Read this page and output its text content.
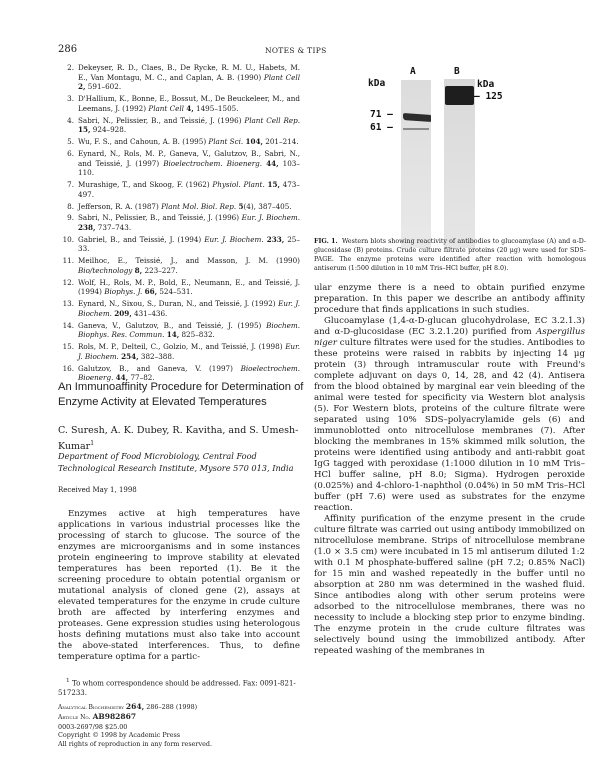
286	NOTES & TIPS
2. Dekeyser, R. D., Claes, B., De Rycke, R. M. U., Habets, M. E., Van Montagu, M. C., and Caplan, A. B. (1990) Plant Cell 2, 591–602.
3. D'Hallium, K., Bonne, E., Bossut, M., De Beuckeleer, M., and Leemans, J. (1992) Plant Cell 4, 1495–1505.
4. Sabri, N., Pelissier, B., and Teissié, J. (1996) Plant Cell Rep. 15, 924–928.
5. Wu, F. S., and Cahoun, A. B. (1995) Plant Sci. 104, 201–214.
6. Eynard, N., Rols, M. P., Ganeva, V., Galutzov, B., Sabri, N., and Teissié, J. (1997) Bioelectrochem. Bioenerg. 44, 103–110.
7. Murashige, T., and Skoog, F. (1962) Physiol. Plant. 15, 473–497.
8. Jefferson, R. A. (1987) Plant Mol. Biol. Rep. 5(4), 387–405.
9. Sabri, N., Pelissier, B., and Teissié, J. (1996) Eur. J. Biochem. 238, 737–743.
10. Gabriel, B., and Teissié, J. (1994) Eur. J. Biochem. 233, 25–33.
11. Meilhoc, E., Teissié, J., and Masson, J. M. (1990) Bio/technology 8, 223–227.
12. Wolf, H., Rols, M. P., Bold, E., Neumann, E., and Teissié, J. (1994) Biophys. J. 66, 524–531.
13. Eynard, N., Sixou, S., Duran, N., and Teissié, J. (1992) Eur. J. Biochem. 209, 431–436.
14. Ganeva, V., Galutzov, B., and Teissié, J. (1995) Biochem. Biophys. Res. Commun. 14, 825–832.
15. Rols, M. P., Delteil, C., Golzio, M., and Teissié, J. (1998) Eur. J. Biochem. 254, 382–388.
16. Galutzov, B., and Ganeva, V. (1997) Bioelectrochem. Bioenerg. 44, 77–82.
An Immunoaffinity Procedure for Determination of Enzyme Activity at Elevated Temperatures
C. Suresh, A. K. Dubey, R. Kavitha, and S. Umesh-Kumar$^1$
Department of Food Microbiology, Central Food Technological Research Institute, Mysore 570 013, India
Received May 1, 1998

Enzymes active at high temperatures have applications in various industrial processes like the processing of starch to glucose. The source of the enzymes are microorganisms and in some instances protein engineering to improve stability at elevated temperatures has been reported (1). Be it the screening procedure to obtain potential organism or mutational analysis of cloned gene (2), assays at elevated temperatures for the enzyme in crude culture broth are affected by interfering enzymes and proteases. Gene expression studies using heterologous hosts defining mutations must also take into account the above-stated interferences. Thus, to define temperature optima for a partic-

$^1$ To whom correspondence should be addressed. Fax: 0091-821-517233.

Analytical Biochemistry 264, 286–288 (1998)
Article No. AB982867
0003-2697/98 $25.00
Copyright © 1998 by Academic Press
All rights of reproduction in any form reserved.
A	B
kDa	kDa
71 –
61 –
– 125
FIG. 1. Western blots showing reactivity of antibodies to glucoamylase (A) and α-D-glucosidase (B) proteins. Crude culture filtrate proteins (20 μg) were used for SDS-PAGE. The enzyme proteins were identified after reaction with homologous antiserum (1:500 dilution in 10 mM Tris–HCl buffer, pH 8.0).

ular enzyme there is a need to obtain purified enzyme preparation. In this paper we describe an antibody affinity procedure that finds applications in such studies.

Glucoamylase (1,4-α-D-glucan glucohydrolase, EC 3.2.1.3) and α-D-glucosidase (EC 3.2.1.20) purified from Aspergillus niger culture filtrates were used for the studies. Antibodies to these proteins were raised in rabbits by injecting 14 μg protein (3) through intramuscular route with Freund's complete adjuvant on days 0, 14, 28, and 42 (4). Antisera from the blood obtained by marginal ear vein bleeding of the animal were tested for specificity via Western blot analysis (5). For Western blots, proteins of the culture filtrate were separated using 10% SDS–polyacrylamide gels (6) and immunoblotted onto nitrocellulose membranes (7). After blocking the membranes in 15% skimmed milk solution, the proteins were identified using antibody and anti-rabbit goat IgG tagged with peroxidase (1:1000 dilution in 10 mM Tris–HCl buffer saline, pH 8.0; Sigma). Hydrogen peroxide (0.025%) and 4-chloro-1-naphthol (0.04%) in 50 mM Tris–HCl buffer (pH 7.6) were used as substrates for the enzyme reaction.

Affinity purification of the enzyme present in the crude culture filtrate was carried out using antibody immobilized on nitrocellulose membrane. Strips of nitrocellulose membrane (1.0 × 3.5 cm) were incubated in 15 ml antiserum diluted 1:2 with 0.1 M phosphate-buffered saline (pH 7.2; 0.85% NaCl) for 15 min and washed repeatedly in the buffer until no absorption at 280 nm was determined in the washed fluid. Since antibodies along with other serum proteins were adsorbed to the nitrocellulose membranes, there was no necessity to include a blocking step prior to enzyme binding. The enzyme protein in the crude culture filtrates was selectively bound using the immobilized antibody. After repeated washing of the membranes in
